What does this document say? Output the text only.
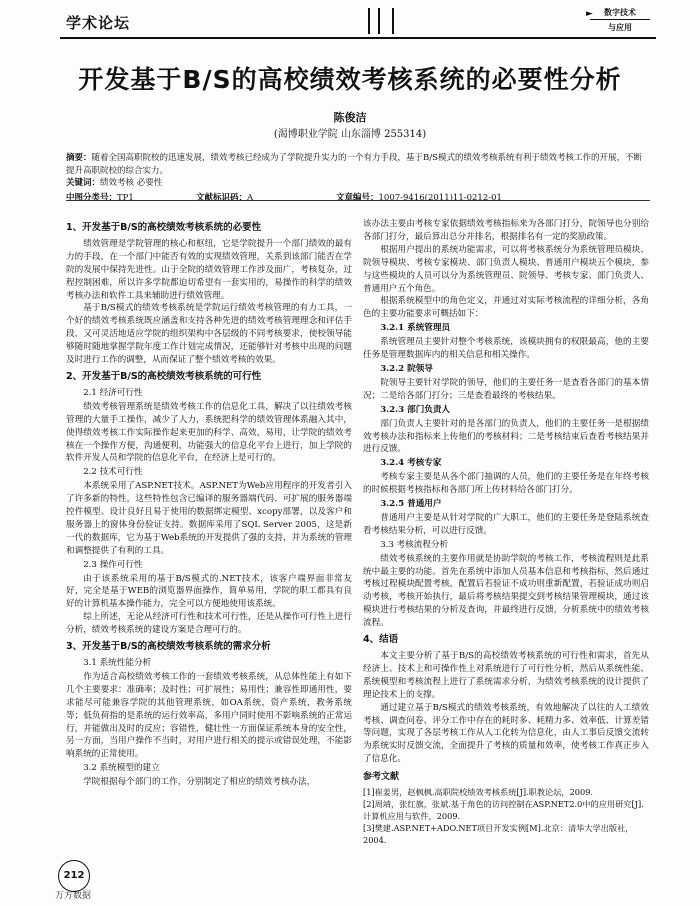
学术论坛	►	数字技术
与应用
开发基于B/S的高校绩效考核系统的必要性分析
陈俊洁
(渴博职业学院 山东淄博 255314)
摘要：随着全国高职院校的迅速发展，绩效考核已经成为了学院提升实力的一个有力手段，基于B/S模式的绩效考核系统有利于绩效考核工作的开展，不断提升高职院校的综合实力。
关键词：绩效考核 必要性
中图分类号：TP1	文献标识码：A	文章编号：1007-9416(2011)11-0212-01
1、开发基于B/S的高校绩效考核系统的必要性

绩效管理是学院管理的核心和枢纽，它是学院提升一个部门绩效的最有力的手段，在一个部门中能否有效的实现绩效管理，关系到该部门能否在学院的发展中保持先进性。山于全院的绩效管理工作涉及面广，考核复杂，过程控制困难，所以许多学院都迫切希望有一套实用的，易操作的科学的绩效考核办法和软件工具来辅助进行绩效管理。

基于B/S模式的绩效考核系统是学院运行绩效考核管理的有力工具，一个好的绩效考核系统既应涵盖和支持各种先进的绩效考核管理理念和评估手段，又可灵活地适应学院的组织架构中各层级的不同考核要求，使校领导能够随时随地掌握学院年度工作计划完成情况，还能够针对考核中出现的问题及时进行工作的调整，从而保证了整个绩效考核的效果。

2、开发基于B/S的高校绩效考核系统的可行性
2.1 经济可行性

绩效考核管理系统是绩效考核工作的信息化工具，解决了以往绩效考核管理的大量手工操作，减少了人力，系统把科学的绩效管理体系融入其中，使得绩效考核工作实际操作起来更加的科学、高效，易用，让学院的绩效考核在一个操作方便，沟通便利，功能强大的信息化平台上进行，加上学院的软件开发人员和学院的信息化平台，在经济上是可行的。

2.2 技术可行性

本系统采用了ASP.NET技术。ASP.NET为Web应用程序的开发者引入了许多新的特性，这些特性包含已编译的服务器端代码、可扩展的服务器端控件模型、设计良好且易于使用的数据绑定模型、xcopy部署，以及客户和服务器上的窗体身份验证支持。数据库采用了SQL Server 2005，这是新一代的数据库，它为基于Web系统的开发提供了强的支持，并为系统的管理和调整提供了有利的工具。

2.3 操作可行性

由于该系统采用的基于B/S模式的.NET技术，该客户端界面非常友好，完全是基于WEB的浏览器界面操作，简单易用，学院的职工都具有良好的计算机基本操作能力，完全可以方便地使用该系统。

综上所述，无论从经济可行性和技术可行性，还是从操作可行性上进行分析，绩效考核系统的建设方案是合理可行的。

3、开发基于B/S的高校绩效考核系统的需求分析
3.1 系统性能分析

作为适合高校绩效考核工作的一套绩效考核系统，从总体性能上有如下几个主要要求：准确率；及时性；可扩展性；易用性；兼容性即通用性，要求能尽可能兼容学院的其他管理系统，如OA系统，资产系统，教务系统等；低负荷指的是系统的运行效率高，多用户同时使用不影响系统的正常运行，并能做出及时的反应；容错性，健壮性一方面保证系统本身的安全性，另一方面，当用户操作不当时，对用户进行相关的提示或错误处理，不能影响系统的正常使用。

3.2 系统模型的建立

学院根据每个部门的工作，分别制定了相应的绩效考核办法，

该办法主要由考核专家依据绩效考核指标来为各部门打分，院领导也分别给各部门打分，最后算出总分并排名，根据排名有一定的奖励政策。

根据用户提出的系统功能需求，可以将考核系统分为系统管理员模块、院领导模块、考核专家模块、部门负责人模块、普通用户模块五个模块，参与这些模块的人员可以分为系统管理员、院领导、考核专家、部门负责人、普通用户五个角色。

根据系统模型中的角色定义，并通过对实际考核流程的详细分析，各角色的主要功能要求可概括如下：

3.2.1 系统管理员

系统管理员主要针对整个考核系统，该模块拥有的权限最高，他的主要任务是管理数据库内的相关信息和相关操作。

3.2.2 院领导

院领导主要针对学院的领导，他们的主要任务一是查看各部门的基本情况；二是给各部门打分；三是查看最终的考核结果。

3.2.3 部门负责人

部门负责人主要针对的是各部门的负责人，他们的主要任务一是根据绩效考核办法和指标来上传他们的考核材料；二是考核结束后查看考核结果并进行反馈。

3.2.4 考核专家

考核专家主要是从各个部门抽调的人员，他们的主要任务是在年终考核的时候根据考核指标和各部门所上传材料给各部门打分。

3.2.5 普通用户

普通用户主要是从针对学院的广大职工，他们的主要任务是登陆系统查看考核结果分析，可以进行反馈。

3.3 考核流程分析

绩效考核系统的主要作用就是协助学院的考核工作，考核流程则是此系统中最主要的功能。首先在系统中添加人员基本信息和考核指标，然后通过考核过程模块配置考核，配置后若验证不成功则重新配置，若验证成功则启动考核，考核开始执行，最后将考核结果提交到考核结果管理模块，通过该模块进行考核结果的分析及查询，并最终进行反馈，分析系统中的绩效考核流程。

4、结语

本文主要分析了基于B/S的高校绩效考核系统的可行性和需求，首先从经济上、技术上和可操作性上对系统进行了可行性分析，然后从系统性能、系统模型和考核流程上进行了系统需求分析，为绩效考核系统的设计提供了理论技术上的支撑。

通过建立基于B/S模式的绩效考核系统，有效地解决了以往的人工绩效考核、调查问卷、评分工作中存在的耗时多、耗精力多、效率低、计算差错等问题，实现了各层考核工作从人工化转为信息化，由人工事后反馈交流转为系统实时反馈交流，全面提升了考核的质量和效率，使考核工作真正步入了信息化。

参考文献
[1]崔姜男，赵枫枫.高职院校绩效考核系统[J].职教论坛，2009.
[2]周靖，张红旗，张斌.基于角色的访问控制在ASP.NET2.0中的应用研究[J].计算机应用与软件，2009.
[3]樊建.ASP.NET+ADO.NET项目开发实例[M].北京：清华大学出版社，2004.
212
万方数据
